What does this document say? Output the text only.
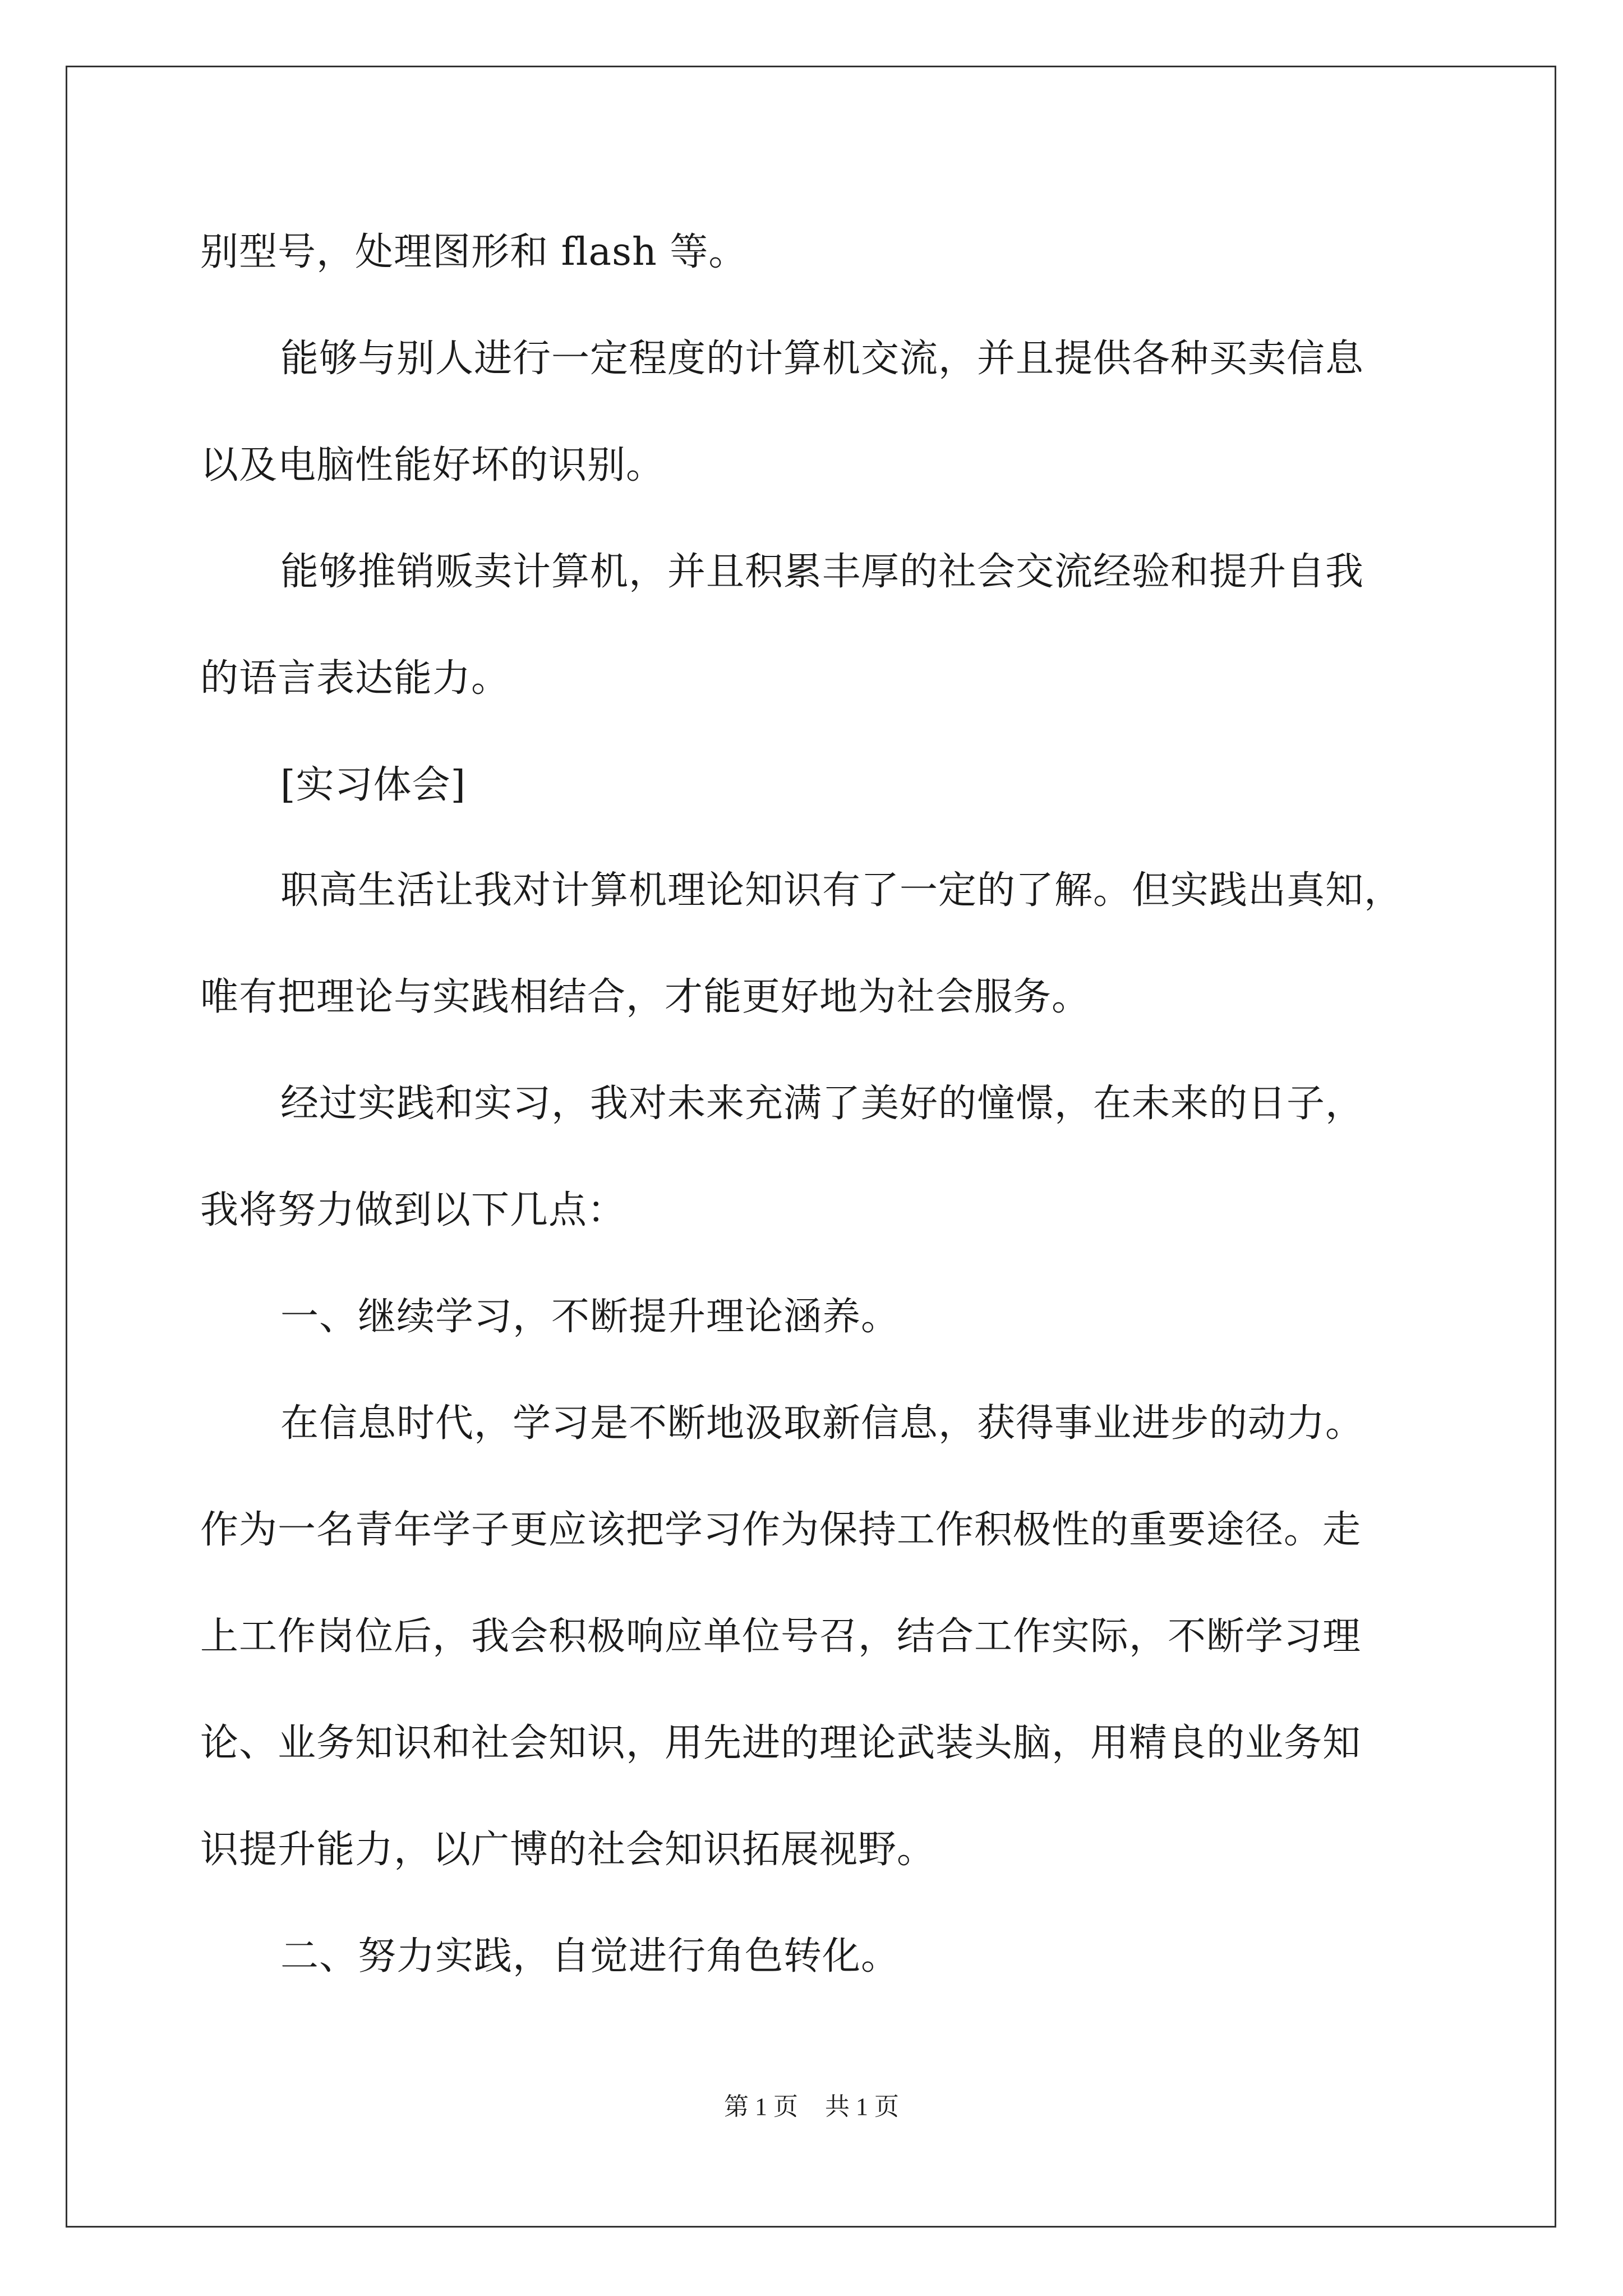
别型号，处理图形和 flash 等。
能够与别人进行一定程度的计算机交流，并且提供各种买卖信息
以及电脑性能好坏的识别。
能够推销贩卖计算机，并且积累丰厚的社会交流经验和提升自我
的语言表达能力。
[实习体会]
职高生活让我对计算机理论知识有了一定的了解。但实践出真知，
唯有把理论与实践相结合，才能更好地为社会服务。
经过实践和实习，我对未来充满了美好的憧憬，在未来的日子，
我将努力做到以下几点：
一、继续学习，不断提升理论涵养。
在信息时代，学习是不断地汲取新信息，获得事业进步的动力。
作为一名青年学子更应该把学习作为保持工作积极性的重要途径。走
上工作岗位后，我会积极响应单位号召，结合工作实际，不断学习理
论、业务知识和社会知识，用先进的理论武装头脑，用精良的业务知
识提升能力，以广博的社会知识拓展视野。
二、努力实践，自觉进行角色转化。
第 1 页 共 1 页
